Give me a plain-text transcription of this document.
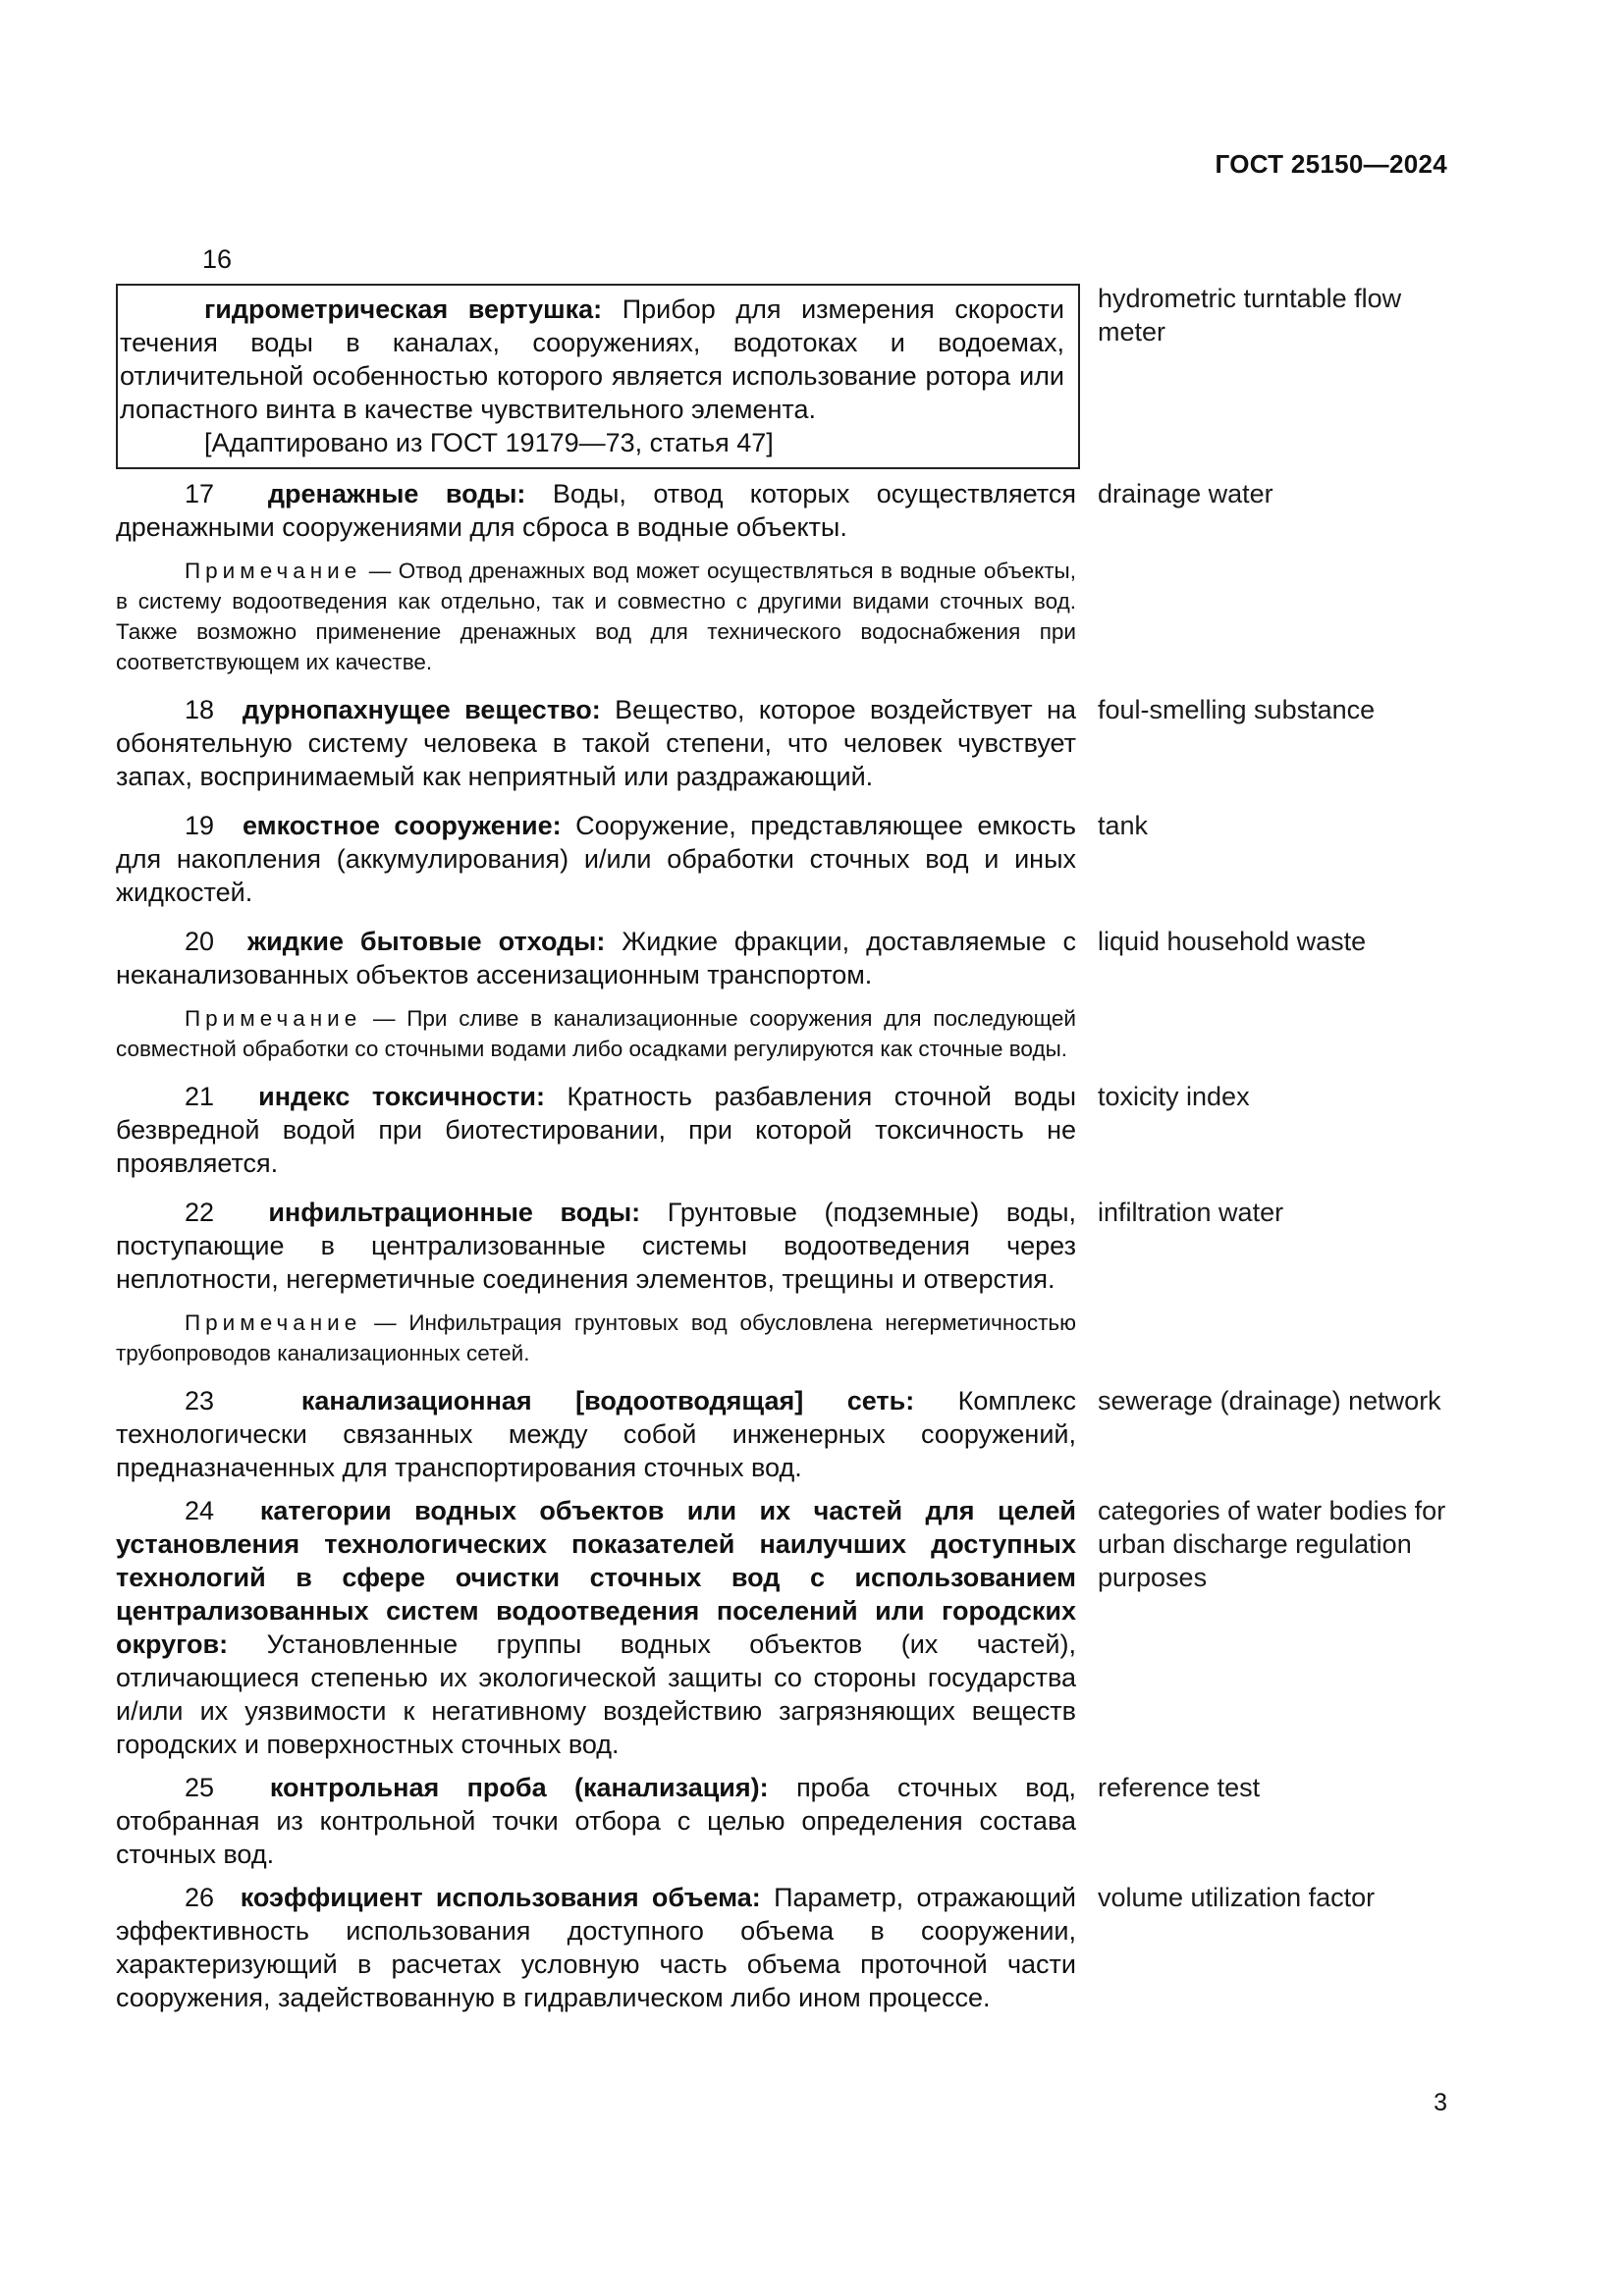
ГОСТ 25150—2024
16

гидрометрическая вертушка: Прибор для измерения скорости течения воды в каналах, сооружениях, водотоках и водоемах, отличительной особенностью которого является использование ротора или лопастного винта в качестве чувствительного элемента.

[Адаптировано из ГОСТ 19179—73, статья 47]

hydrometric turntable flow meter

17 дренажные воды: Воды, отвод которых осуществляется дренажными сооружениями для сброса в водные объекты.

Примечание — Отвод дренажных вод может осуществляться в водные объекты, в систему водоотведения как отдельно, так и совместно с другими видами сточных вод. Также возможно применение дренажных вод для технического водоснабжения при соответствующем их качестве.

drainage water

18 дурнопахнущее вещество: Вещество, которое воздействует на обонятельную систему человека в такой степени, что человек чувствует запах, воспринимаемый как неприятный или раздражающий.

foul-smelling substance

19 емкостное сооружение: Сооружение, представляющее емкость для накопления (аккумулирования) и/или обработки сточных вод и иных жидкостей.

tank

20 жидкие бытовые отходы: Жидкие фракции, доставляемые с неканализованных объектов ассенизационным транспортом.

Примечание — При сливе в канализационные сооружения для последующей совместной обработки со сточными водами либо осадками регулируются как сточные воды.

liquid household waste

21 индекс токсичности: Кратность разбавления сточной воды безвредной водой при биотестировании, при которой токсичность не проявляется.

toxicity index

22 инфильтрационные воды: Грунтовые (подземные) воды, поступающие в централизованные системы водоотведения через неплотности, негерметичные соединения элементов, трещины и отверстия.

Примечание — Инфильтрация грунтовых вод обусловлена негерметичностью трубопроводов канализационных сетей.

infiltration water

23	канализационная [водоотводящая] сеть: Комплекс технологически связанных между собой инженерных сооружений, предназначенных для транспортирования сточных вод.

sewerage (drainage) network

24 категории водных объектов или их частей для целей установления технологических показателей наилучших доступных технологий в сфере очистки сточных вод с использованием централизованных систем водоотведения поселений или городских округов: Установленные группы водных объектов (их частей), отличающиеся степенью их экологической защиты со стороны государства и/или их уязвимости к негативному воздействию загрязняющих веществ городских и поверхностных сточных вод.

categories of water bodies for urban discharge regulation purposes

25 контрольная проба (канализация): проба сточных вод, отобранная из контрольной точки отбора с целью определения состава сточных вод.

reference test

26 коэффициент использования объема: Параметр, отражающий эффективность использования доступного объема в сооружении, характеризующий в расчетах условную часть объема проточной части сооружения, задействованную в гидравлическом либо ином процессе.

volume utilization factor
3
